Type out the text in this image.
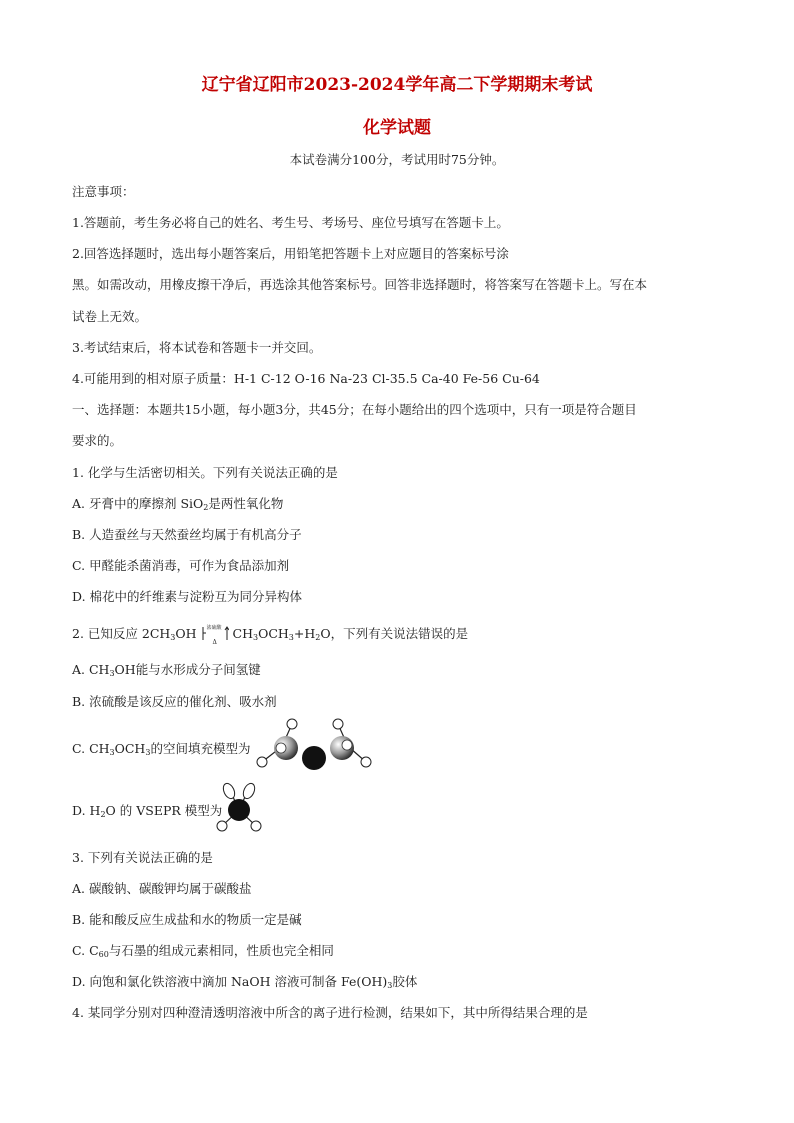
辽宁省辽阳市2023-2024学年高二下学期期末考试
化学试题
本试卷满分100分，考试用时75分钟。
注意事项：
1.答题前，考生务必将自己的姓名、考生号、考场号、座位号填写在答题卡上。
2.回答选择题时，选出每小题答案后，用铅笔把答题卡上对应题目的答案标号涂
黑。如需改动，用橡皮擦干净后，再选涂其他答案标号。回答非选择题时，将答案写在答题卡上。写在本
试卷上无效。
3.考试结束后，将本试卷和答题卡一并交回。
4.可能用到的相对原子质量：H-1 C-12 O-16 Na-23 Cl-35.5 Ca-40 Fe-56 Cu-64
一、选择题：本题共15小题，每小题3分，共45分；在每小题给出的四个选项中，只有一项是符合题目
要求的。
1. 化学与生活密切相关。下列有关说法正确的是
A. 牙膏中的摩擦剂 SiO$_2$是两性氧化物
B. 人造蚕丝与天然蚕丝均属于有机高分子
C. 甲醛能杀菌消毒，可作为食品添加剂
D. 棉花中的纤维素与淀粉互为同分异构体
2. 已知反应 $2CH_3OH$ 浓硫酸
Δ
$CH_3OCH_3+H_2O$，下列有关说法错误的是
A. $CH_3OH$能与水形成分子间氢键
B. 浓硫酸是该反应的催化剂、吸水剂
C. $CH_3OCH_3$的空间填充模型为
D. $H_2O$ 的 VSEPR 模型为
3. 下列有关说法正确的是
A. 碳酸钠、碳酸钾均属于碳酸盐
B. 能和酸反应生成盐和水的物质一定是碱
C. $C_{60}$与石墨的组成元素相同，性质也完全相同
D. 向饱和氯化铁溶液中滴加 NaOH 溶液可制备 $Fe(OH)_3$胶体
4. 某同学分别对四种澄清透明溶液中所含的离子进行检测，结果如下，其中所得结果合理的是
